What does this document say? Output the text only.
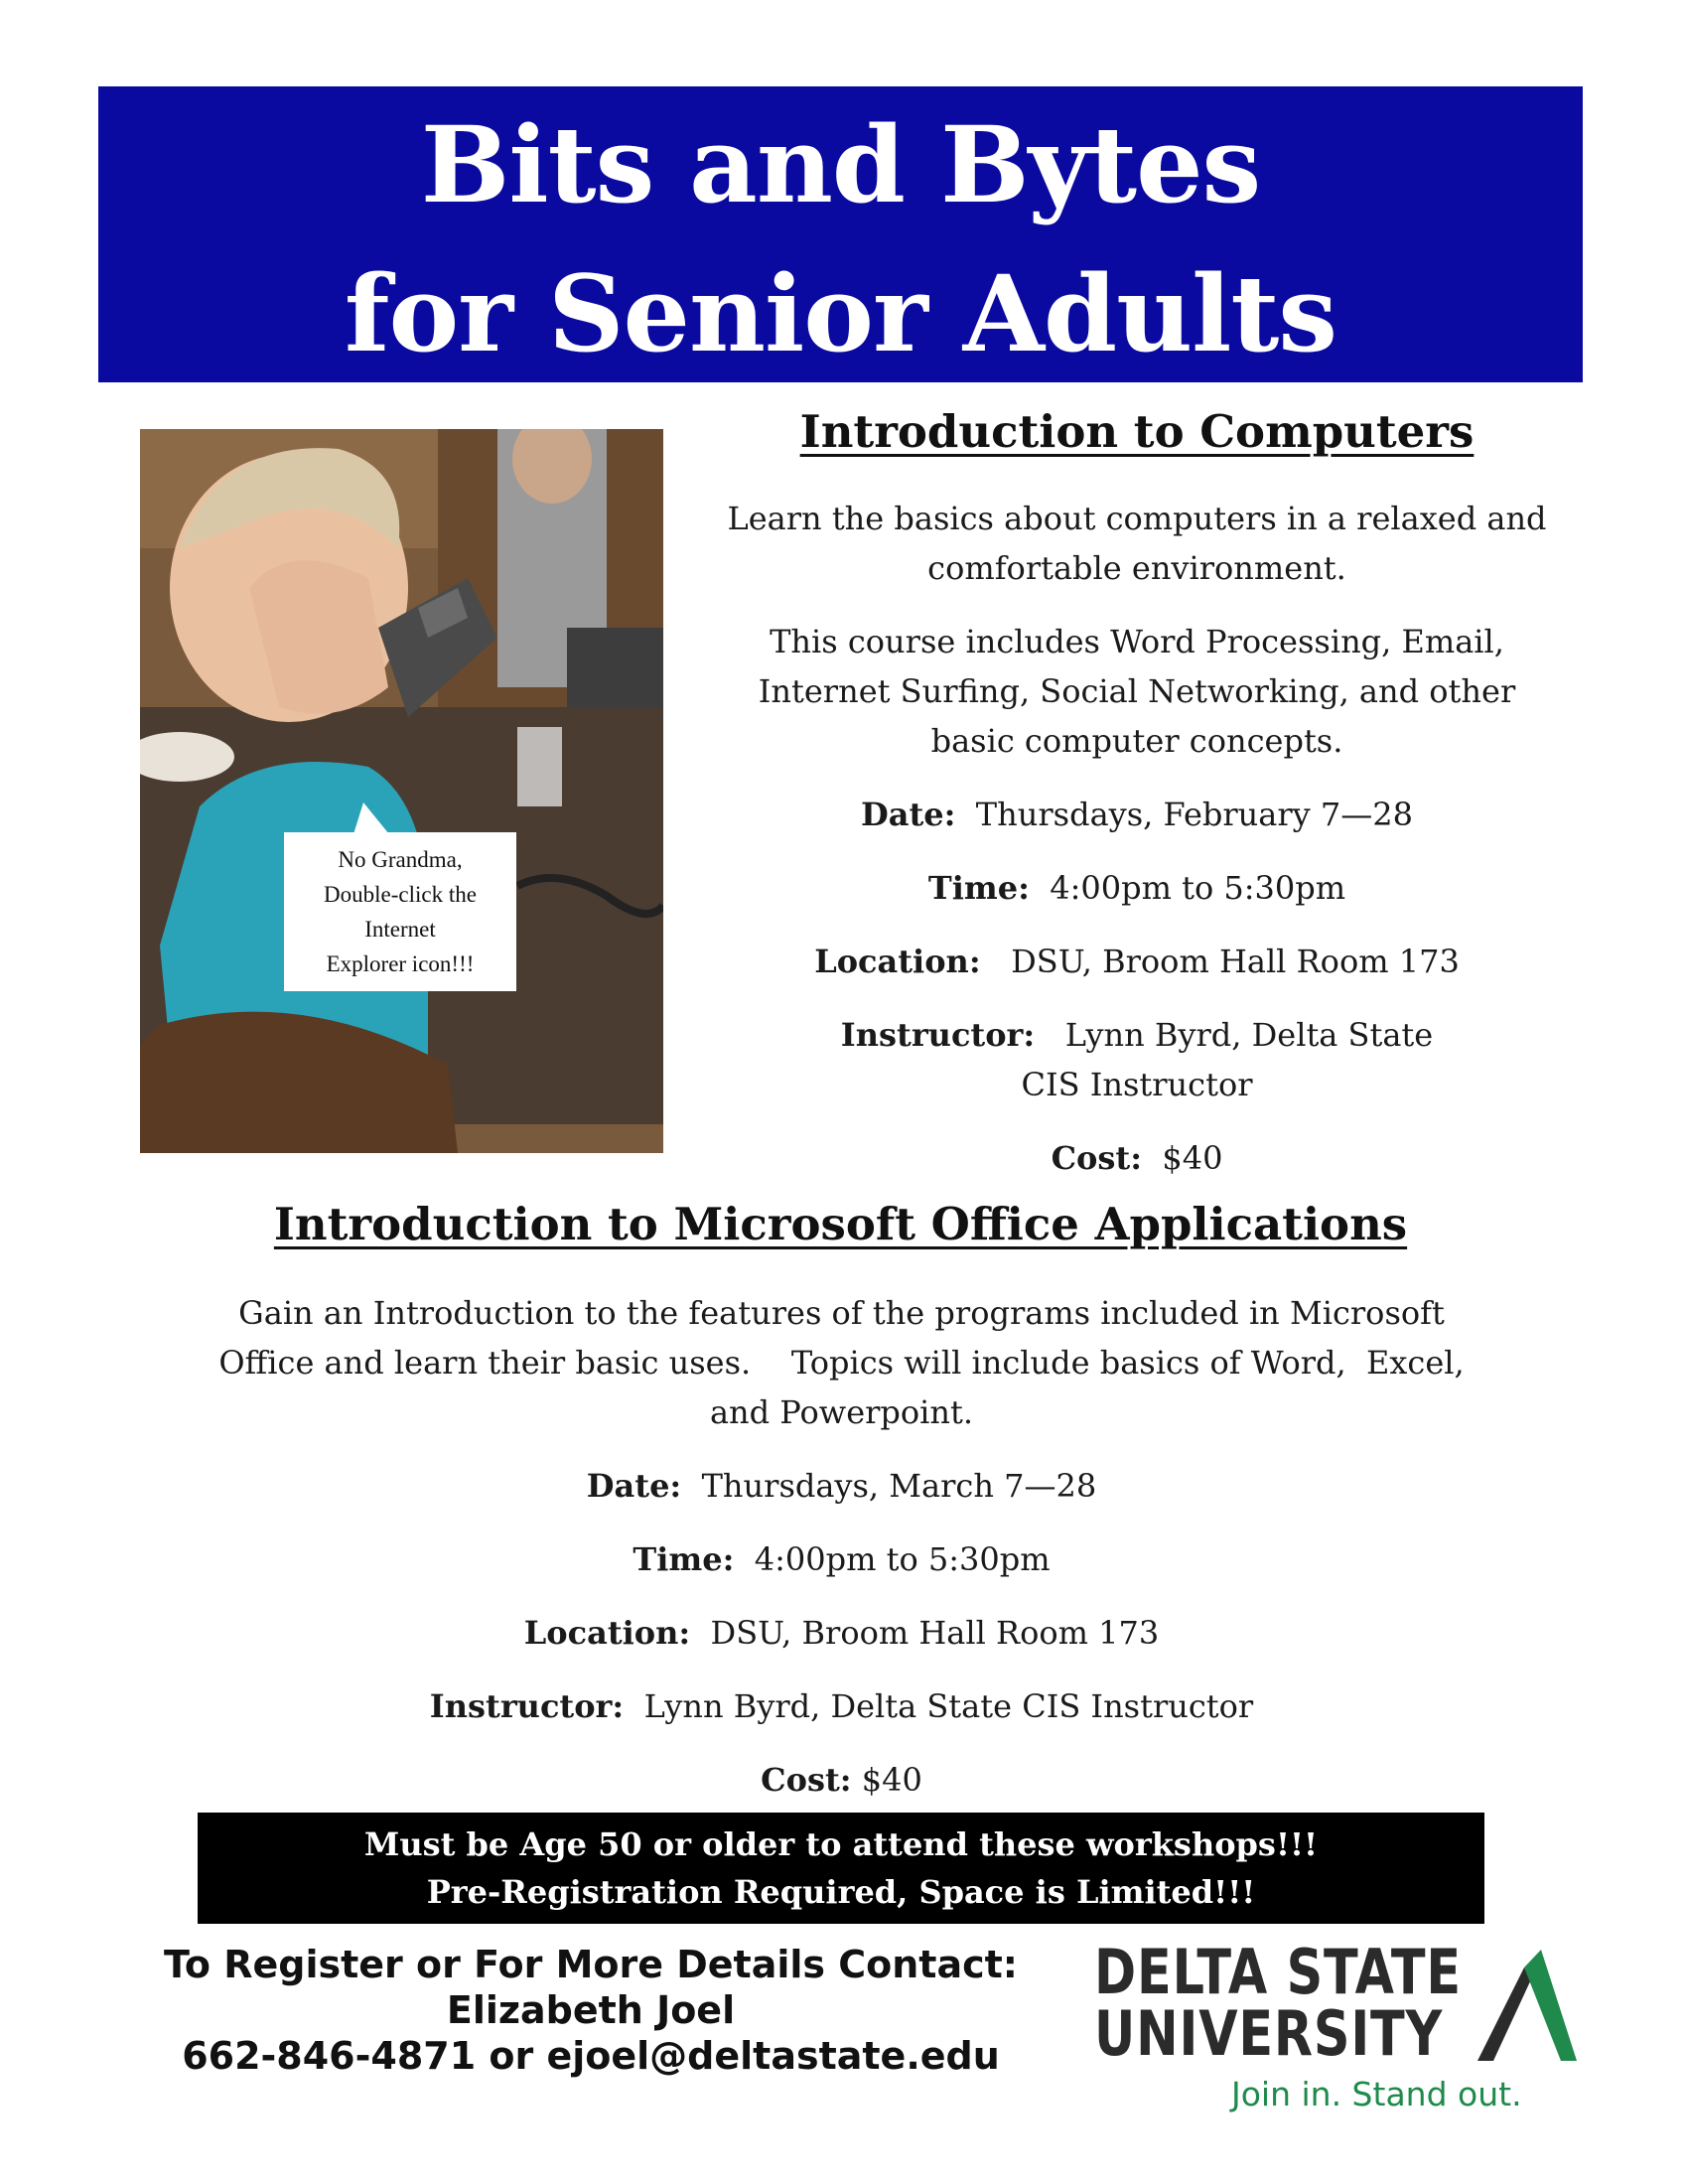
Bits and Bytes
for Senior Adults
No Grandma,
Double-click the
Internet
Explorer icon!!!
Introduction to Computers

Learn the basics about computers in a relaxed and

comfortable environment.

This course includes Word Processing, Email,

Internet Surfing, Social Networking, and other

basic computer concepts.

Date: Thursdays, February 7—28

Time: 4:00pm to 5:30pm

Location: DSU, Broom Hall Room 173

Instructor: Lynn Byrd, Delta State

CIS Instructor

Cost: $40

Introduction to Microsoft Office Applications

Gain an Introduction to the features of the programs included in Microsoft

Office and learn their basic uses.    Topics will include basics of Word,  Excel,

and Powerpoint.

Date: Thursdays, March 7—28

Time: 4:00pm to 5:30pm

Location: DSU, Broom Hall Room 173

Instructor: Lynn Byrd, Delta State CIS Instructor

Cost: $40

Must be Age 50 or older to attend these workshops!!!
Pre-Registration Required, Space is Limited!!!

To Register or For More Details Contact:

Elizabeth Joel

662-846-4871 or ejoel@deltastate.edu

DELTA STATE
UNIVERSITY
Join in. Stand out.
